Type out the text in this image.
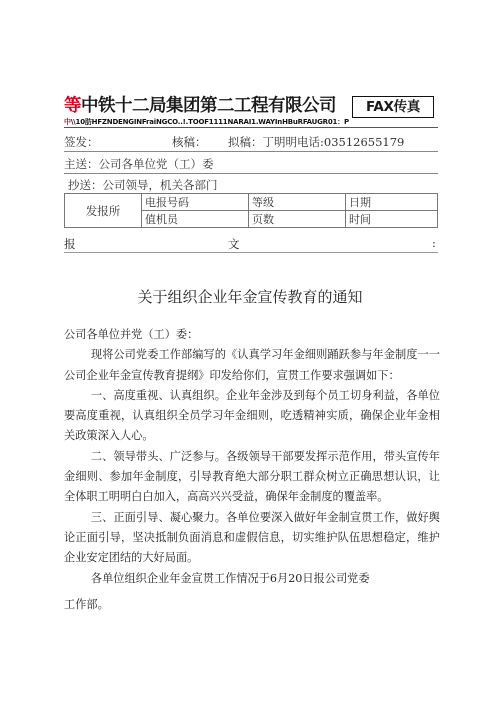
等中铁十二局集团第二工程有限公司	FAX传真
中\\10肪HFZNDENGINFraiNGCO..!.TOOF1111NARAI1.WAYInHBuRFAUGR01：P
签发：	核稿： 拟稿：丁明明电话:03512655179
主送：公司各单位党（工）委
抄送：公司领导，机关各部门
发报所	电报号码	等级	日期
	值机员	页数	时间
报	文	:
关于组织企业年金宣传教育的通知

公司各单位并党（工）委：

现将公司党委工作部编写的《认真学习年金细则踊跃参与年金制度一一公司企业年金宣传教育提纲》印发给你们，宣贯工作要求强调如下：

一、高度重视、认真组织。企业年金涉及到每个员工切身利益，各单位要高度重视，认真组织全员学习年金细则，吃透精神实质，确保企业年金相关政策深入人心。

二、领导带头、广泛参与。各级领导干部要发挥示范作用，带头宣传年金细则、参加年金制度，引导教育绝大部分职工群众树立正确思想认识，让全体职工明明白白加入，高高兴兴受益，确保年金制度的覆盖率。

三、正面引导、凝心聚力。各单位要深入做好年金制宣贯工作，做好舆论正面引导，坚决抵制负面消息和虚假信息，切实维护队伍思想稳定，维护企业安定团结的大好局面。

各单位组织企业年金宣贯工作情况于6月20日报公司党委

工作部。
